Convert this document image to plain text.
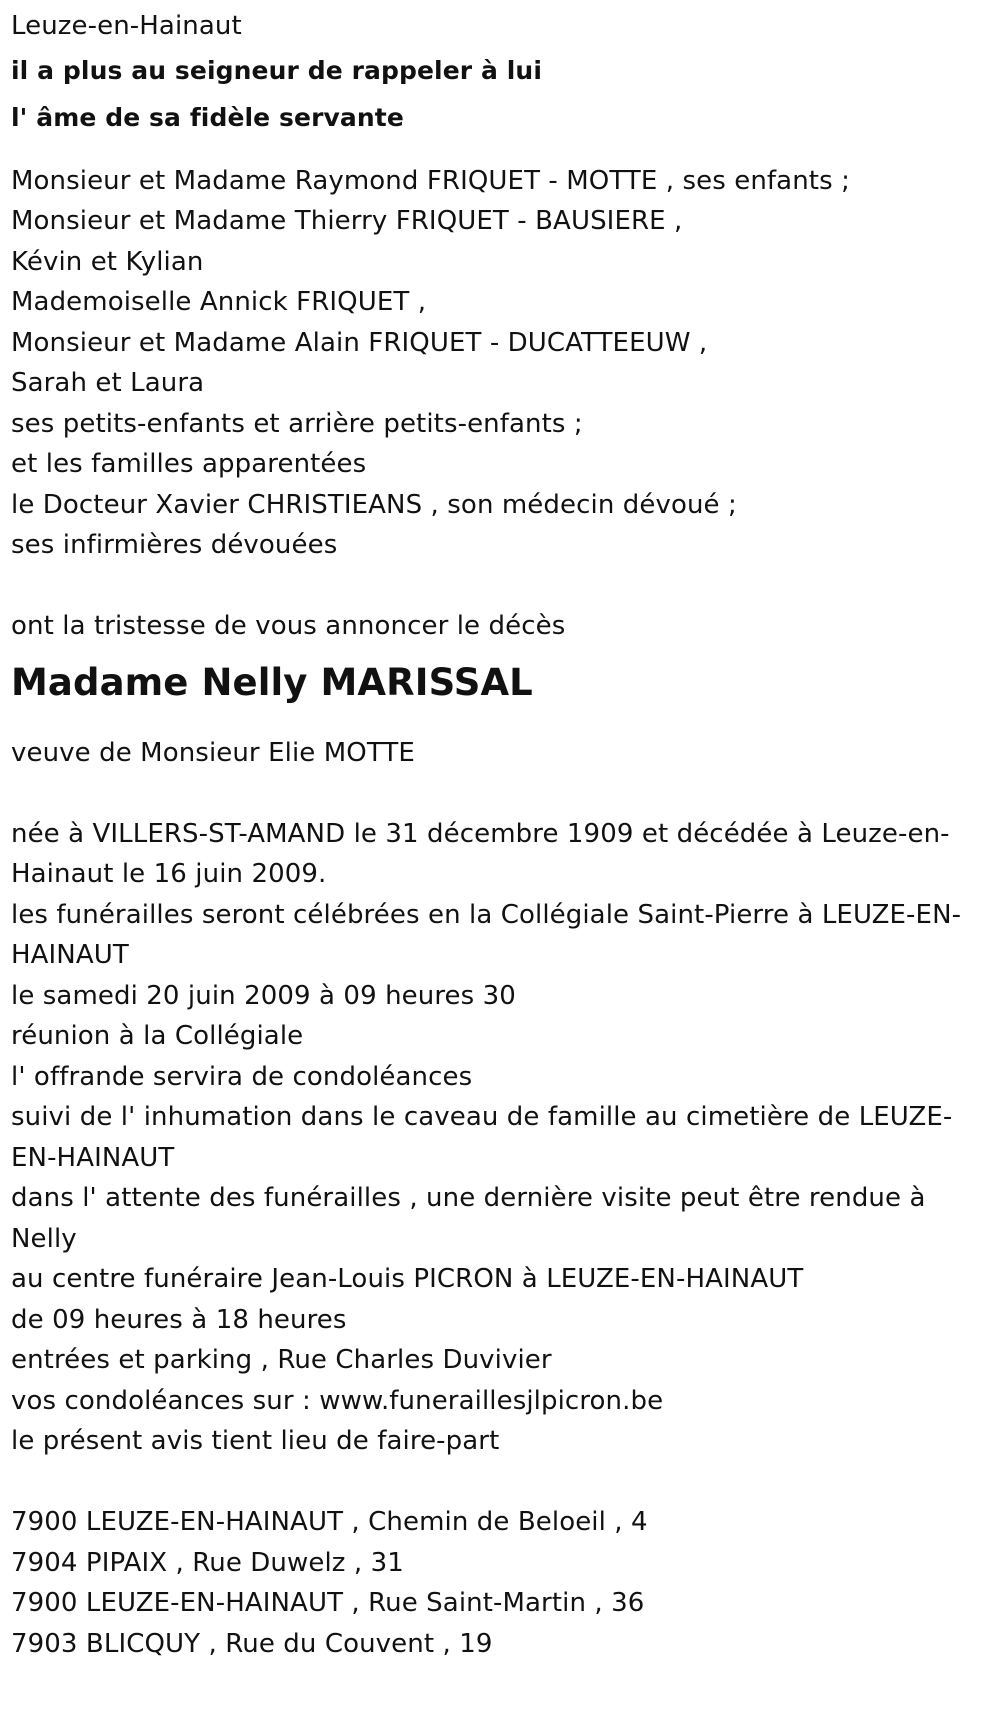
Leuze-en-Hainaut
il a plus au seigneur de rappeler à lui
l' âme de sa fidèle servante
Monsieur et Madame Raymond FRIQUET - MOTTE , ses enfants ;
Monsieur et Madame Thierry FRIQUET - BAUSIERE ,
Kévin et Kylian
Mademoiselle Annick FRIQUET ,
Monsieur et Madame Alain FRIQUET - DUCATTEEUW ,
Sarah et Laura
ses petits-enfants et arrière petits-enfants ;
et les familles apparentées
le Docteur Xavier CHRISTIEANS , son médecin dévoué ;
ses infirmières dévouées
ont la tristesse de vous annoncer le décès
Madame Nelly MARISSAL
veuve de Monsieur Elie MOTTE
née à VILLERS-ST-AMAND le 31 décembre 1909 et décédée à Leuze-en-Hainaut le 16 juin 2009.
les funérailles seront célébrées en la Collégiale Saint-Pierre à LEUZE-EN-HAINAUT
le samedi 20 juin 2009 à 09 heures 30
réunion à la Collégiale
l' offrande servira de condoléances
suivi de l' inhumation dans le caveau de famille au cimetière de LEUZE-EN-HAINAUT
dans l' attente des funérailles , une dernière visite peut être rendue à Nelly
au centre funéraire Jean-Louis PICRON à LEUZE-EN-HAINAUT
de 09 heures à 18 heures
entrées et parking , Rue Charles Duvivier
vos condoléances sur : www.funeraillesjlpicron.be
le présent avis tient lieu de faire-part
7900 LEUZE-EN-HAINAUT , Chemin de Beloeil , 4
7904 PIPAIX , Rue Duwelz , 31
7900 LEUZE-EN-HAINAUT , Rue Saint-Martin , 36
7903 BLICQUY , Rue du Couvent , 19
